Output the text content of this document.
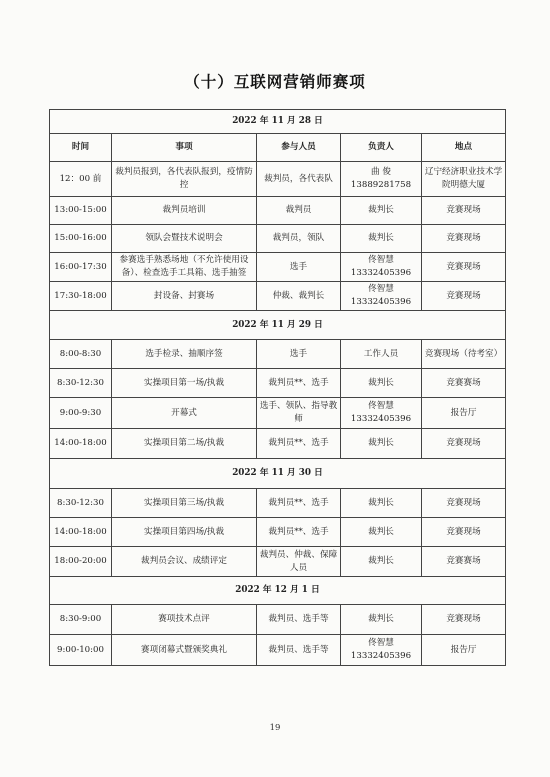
（十）互联网营销师赛项
2022 年 11 月 28 日				
时间	事项	参与人员	负责人	地点
12：00 前	裁判员报到，各代表队报到，疫情防控	裁判员，各代表队	曲 俊 13889281758	辽宁经济职业技术学院明德大厦
13:00-15:00	裁判员培训	裁判员	裁判长	竞赛现场
15:00-16:00	领队会暨技术说明会	裁判员，领队	裁判长	竞赛现场
16:00-17:30	参赛选手熟悉场地（不允许使用设备）、检查选手工具箱、选手抽签	选手	佟智慧 13332405396	竞赛现场
17:30-18:00	封设备、封赛场	仲裁、裁判长	佟智慧 13332405396	竞赛现场
2022 年 11 月 29 日				
8:00-8:30	选手检录、抽顺序签	选手	工作人员	竞赛现场（待考室）
8:30-12:30	实操项目第一场/执裁	裁判员**、选手	裁判长	竞赛赛场
9:00-9:30	开幕式	选手、领队、指导教师	佟智慧 13332405396	报告厅
14:00-18:00	实操项目第二场/执裁	裁判员**、选手	裁判长	竞赛现场
2022 年 11 月 30 日				
8:30-12:30	实操项目第三场/执裁	裁判员**、选手	裁判长	竞赛现场
14:00-18:00	实操项目第四场/执裁	裁判员**、选手	裁判长	竞赛现场
18:00-20:00	裁判员会议、成绩评定	裁判员、仲裁、保障人员	裁判长	竞赛赛场
2022 年 12 月 1 日				
8:30-9:00	赛项技术点评	裁判员、选手等	裁判长	竞赛现场
9:00-10:00	赛项闭幕式暨颁奖典礼	裁判员、选手等	佟智慧 13332405396	报告厅
19
